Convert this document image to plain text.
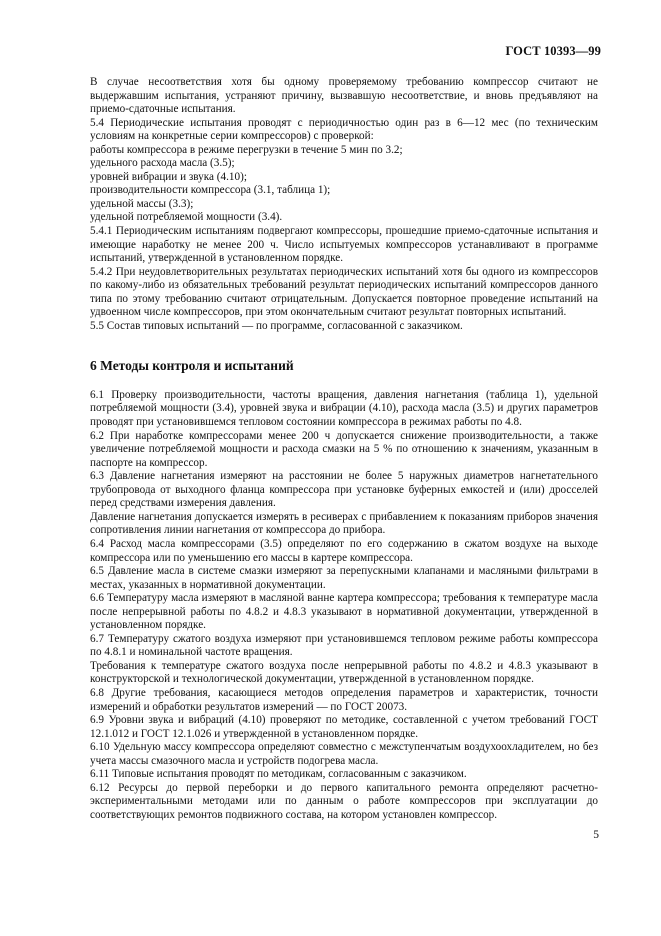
ГОСТ 10393—99

В случае несоответствия хотя бы одному проверяемому требованию компрессор считают не выдержавшим испытания, устраняют причину, вызвавшую несоответствие, и вновь предъявляют на приемо-сдаточные испытания.

5.4 Периодические испытания проводят с периодичностью один раз в 6—12 мес (по техническим условиям на конкретные серии компрессоров) с проверкой:

работы компрессора в режиме перегрузки в течение 5 мин по 3.2;

удельного расхода масла (3.5);

уровней вибрации и звука (4.10);

производительности компрессора (3.1, таблица 1);

удельной массы (3.3);

удельной потребляемой мощности (3.4).

5.4.1 Периодическим испытаниям подвергают компрессоры, прошедшие приемо-сдаточные испытания и имеющие наработку не менее 200 ч. Число испытуемых компрессоров устанавливают в программе испытаний, утвержденной в установленном порядке.

5.4.2 При неудовлетворительных результатах периодических испытаний хотя бы одного из компрессоров по какому-либо из обязательных требований результат периодических испытаний компрессоров данного типа по этому требованию считают отрицательным. Допускается повторное проведение испытаний на удвоенном числе компрессоров, при этом окончательным считают результат повторных испытаний.

5.5 Состав типовых испытаний — по программе, согласованной с заказчиком.

6 Методы контроля и испытаний

6.1 Проверку производительности, частоты вращения, давления нагнетания (таблица 1), удельной потребляемой мощности (3.4), уровней звука и вибрации (4.10), расхода масла (3.5) и других параметров проводят при установившемся тепловом состоянии компрессора в режимах работы по 4.8.

6.2 При наработке компрессорами менее 200 ч допускается снижение производительности, а также увеличение потребляемой мощности и расхода смазки на 5 % по отношению к значениям, указанным в паспорте на компрессор.

6.3 Давление нагнетания измеряют на расстоянии не более 5 наружных диаметров нагнетательного трубопровода от выходного фланца компрессора при установке буферных емкостей и (или) дросселей перед средствами измерения давления.

Давление нагнетания допускается измерять в ресиверах с прибавлением к показаниям приборов значения сопротивления линии нагнетания от компрессора до прибора.

6.4 Расход масла компрессорами (3.5) определяют по его содержанию в сжатом воздухе на выходе компрессора или по уменьшению его массы в картере компрессора.

6.5 Давление масла в системе смазки измеряют за перепускными клапанами и масляными фильтрами в местах, указанных в нормативной документации.

6.6 Температуру масла измеряют в масляной ванне картера компрессора; требования к температуре масла после непрерывной работы по 4.8.2 и 4.8.3 указывают в нормативной документации, утвержденной в установленном порядке.

6.7 Температуру сжатого воздуха измеряют при установившемся тепловом режиме работы компрессора по 4.8.1 и номинальной частоте вращения.

Требования к температуре сжатого воздуха после непрерывной работы по 4.8.2 и 4.8.3 указывают в конструкторской и технологической документации, утвержденной в установленном порядке.

6.8 Другие требования, касающиеся методов определения параметров и характеристик, точности измерений и обработки результатов измерений — по ГОСТ 20073.

6.9 Уровни звука и вибраций (4.10) проверяют по методике, составленной с учетом требований ГОСТ 12.1.012 и ГОСТ 12.1.026 и утвержденной в установленном порядке.

6.10 Удельную массу компрессора определяют совместно с межступенчатым воздухоохладителем, но без учета массы смазочного масла и устройств подогрева масла.

6.11 Типовые испытания проводят по методикам, согласованным с заказчиком.

6.12 Ресурсы до первой переборки и до первого капитального ремонта определяют расчетно-экспериментальными методами или по данным о работе компрессоров при эксплуатации до соответствующих ремонтов подвижного состава, на котором установлен компрессор.

5
